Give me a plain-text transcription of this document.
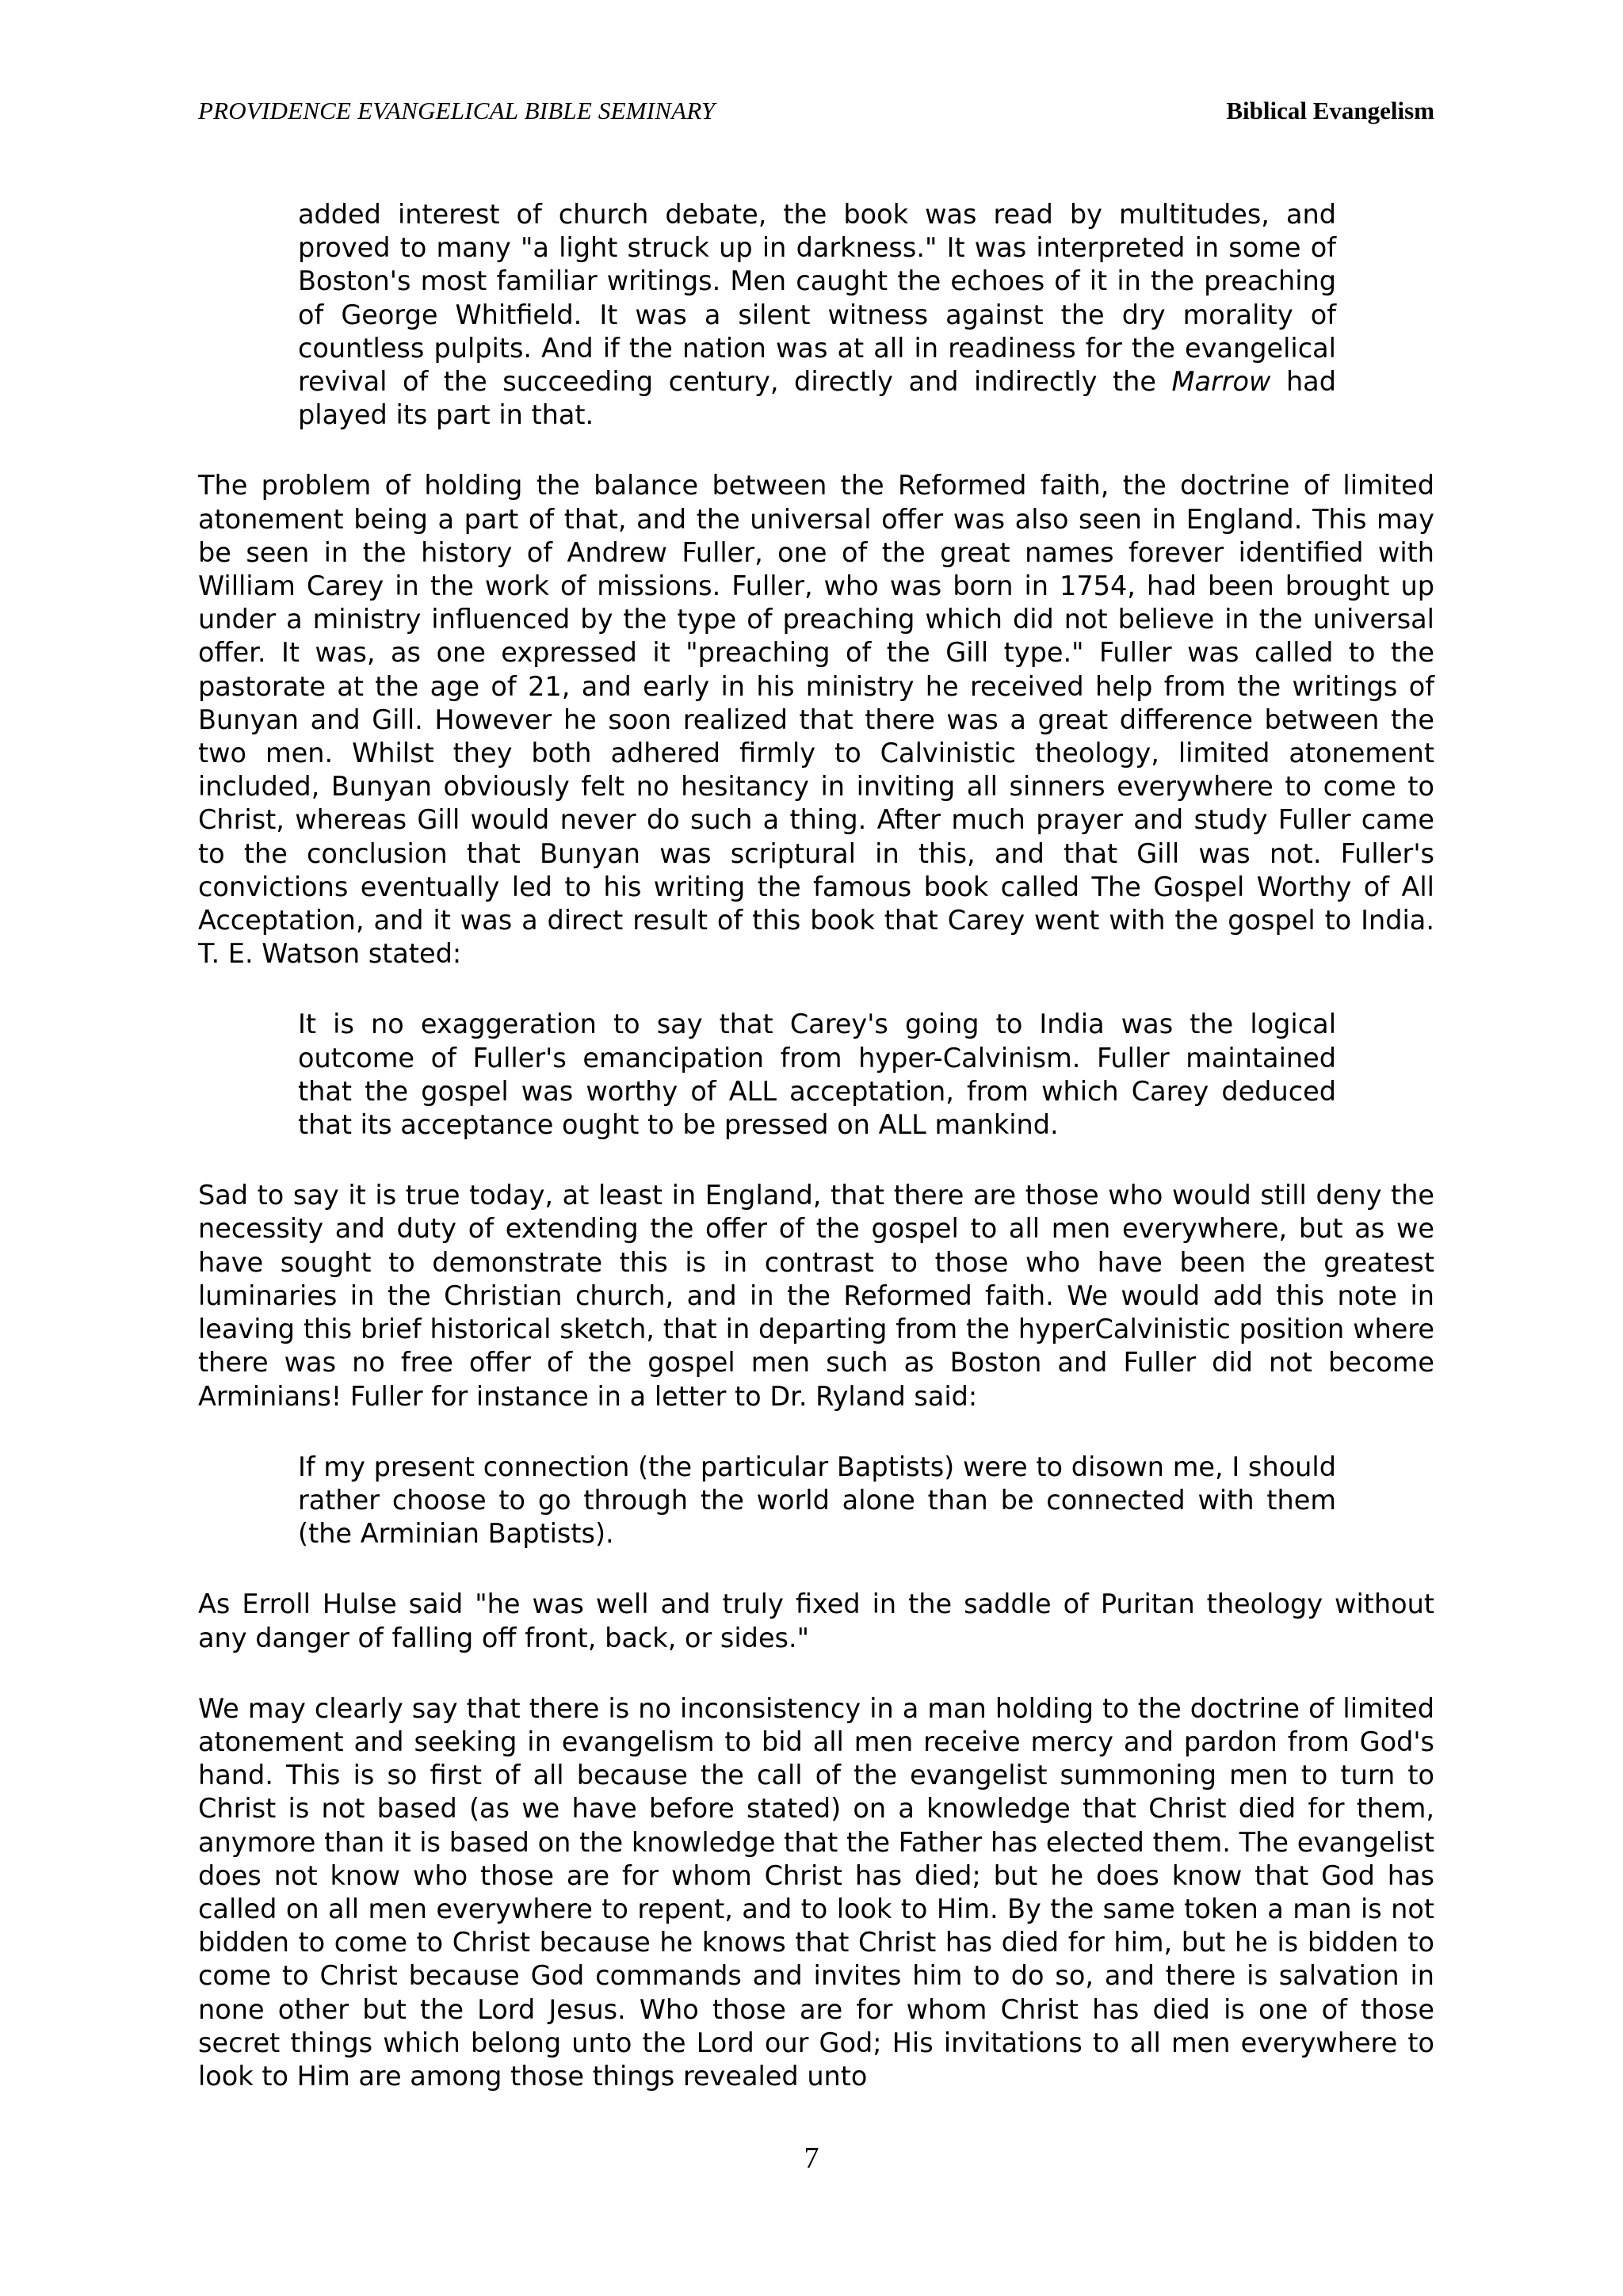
PROVIDENCE EVANGELICAL BIBLE SEMINARY	Biblical Evangelism

added interest of church debate, the book was read by multitudes, and proved to many "a light struck up in darkness." It was interpreted in some of Boston's most familiar writings. Men caught the echoes of it in the preaching of George Whitfield. It was a silent witness against the dry morality of countless pulpits. And if the nation was at all in readiness for the evangelical revival of the succeeding century, directly and indirectly the Marrow had played its part in that.

The problem of holding the balance between the Reformed faith, the doctrine of limited atonement being a part of that, and the universal offer was also seen in England. This may be seen in the history of Andrew Fuller, one of the great names forever identified with William Carey in the work of missions. Fuller, who was born in 1754, had been brought up under a ministry influenced by the type of preaching which did not believe in the universal offer. It was, as one expressed it "preaching of the Gill type." Fuller was called to the pastorate at the age of 21, and early in his ministry he received help from the writings of Bunyan and Gill. However he soon realized that there was a great difference between the two men. Whilst they both adhered firmly to Calvinistic theology, limited atonement included, Bunyan obviously felt no hesitancy in inviting all sinners everywhere to come to Christ, whereas Gill would never do such a thing. After much prayer and study Fuller came to the conclusion that Bunyan was scriptural in this, and that Gill was not. Fuller's convictions eventually led to his writing the famous book called The Gospel Worthy of All Acceptation, and it was a direct result of this book that Carey went with the gospel to India. T. E. Watson stated:

It is no exaggeration to say that Carey's going to India was the logical outcome of Fuller's emancipation from hyper-Calvinism. Fuller maintained that the gospel was worthy of ALL acceptation, from which Carey deduced that its acceptance ought to be pressed on ALL mankind.

Sad to say it is true today, at least in England, that there are those who would still deny the necessity and duty of extending the offer of the gospel to all men everywhere, but as we have sought to demonstrate this is in contrast to those who have been the greatest luminaries in the Christian church, and in the Reformed faith. We would add this note in leaving this brief historical sketch, that in departing from the hyperCalvinistic position where there was no free offer of the gospel men such as Boston and Fuller did not become Arminians! Fuller for instance in a letter to Dr. Ryland said:

If my present connection (the particular Baptists) were to disown me, I should rather choose to go through the world alone than be connected with them (the Arminian Baptists).

As Erroll Hulse said "he was well and truly fixed in the saddle of Puritan theology without any danger of falling off front, back, or sides."

We may clearly say that there is no inconsistency in a man holding to the doctrine of limited atonement and seeking in evangelism to bid all men receive mercy and pardon from God's hand. This is so first of all because the call of the evangelist summoning men to turn to Christ is not based (as we have before stated) on a knowledge that Christ died for them, anymore than it is based on the knowledge that the Father has elected them. The evangelist does not know who those are for whom Christ has died; but he does know that God has called on all men everywhere to repent, and to look to Him. By the same token a man is not bidden to come to Christ because he knows that Christ has died for him, but he is bidden to come to Christ because God commands and invites him to do so, and there is salvation in none other but the Lord Jesus. Who those are for whom Christ has died is one of those secret things which belong unto the Lord our God; His invitations to all men everywhere to look to Him are among those things revealed unto

7
